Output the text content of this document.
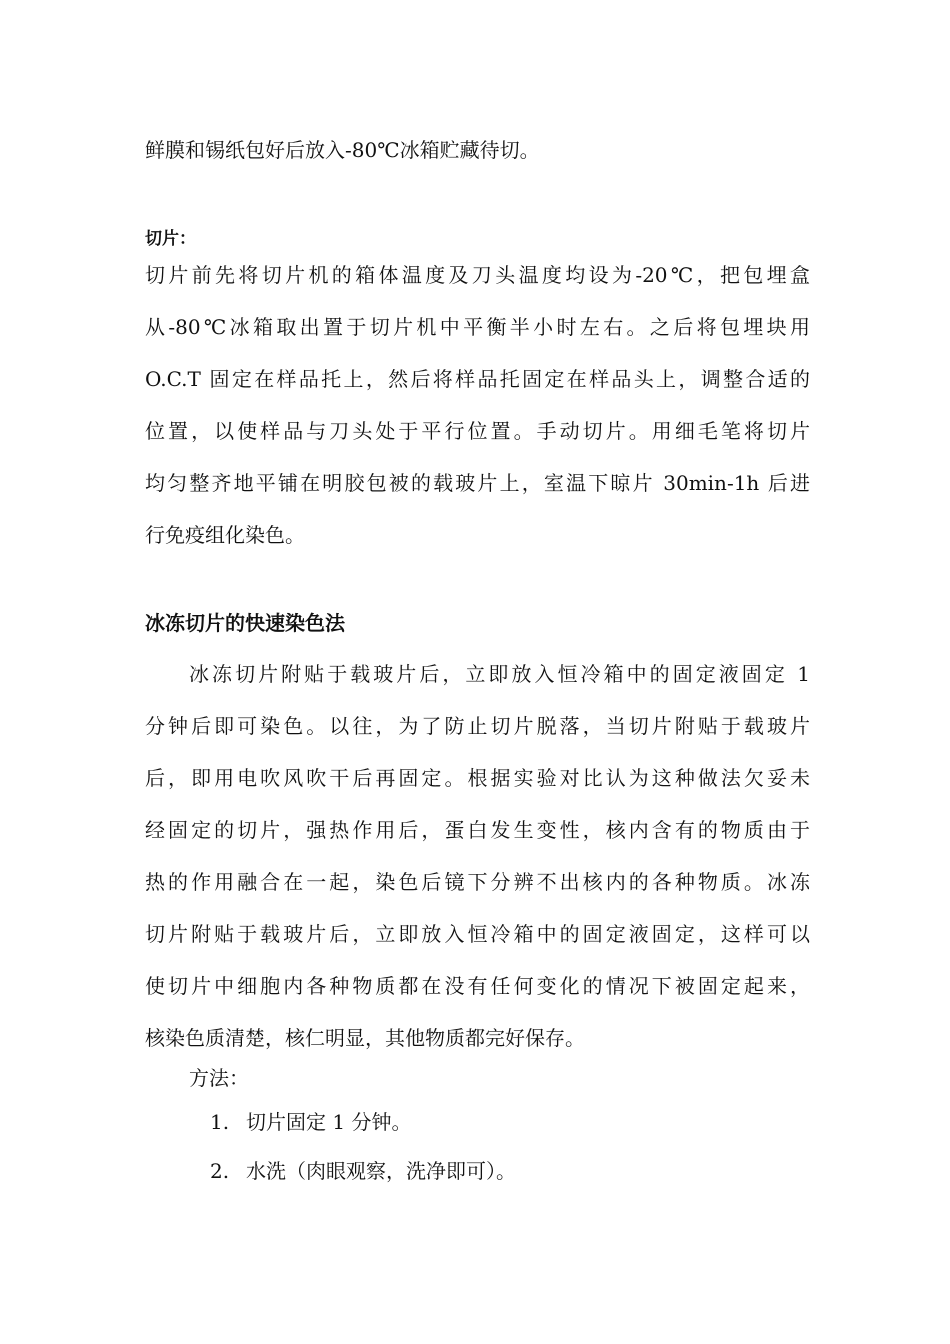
鲜膜和锡纸包好后放入-80℃冰箱贮藏待切。
切片：
切片前先将切片机的箱体温度及刀头温度均设为-20℃，把包埋盒
从-80℃冰箱取出置于切片机中平衡半小时左右。之后将包埋块用
O.C.T 固定在样品托上，然后将样品托固定在样品头上，调整合适的
位置，以使样品与刀头处于平行位置。手动切片。用细毛笔将切片
均匀整齐地平铺在明胶包被的载玻片上，室温下晾片 30min-1h 后进
行免疫组化染色。
冰冻切片的快速染色法
冰冻切片附贴于载玻片后，立即放入恒冷箱中的固定液固定 1
分钟后即可染色。以往，为了防止切片脱落，当切片附贴于载玻片
后，即用电吹风吹干后再固定。根据实验对比认为这种做法欠妥未
经固定的切片，强热作用后，蛋白发生变性，核内含有的物质由于
热的作用融合在一起，染色后镜下分辨不出核内的各种物质。冰冻
切片附贴于载玻片后，立即放入恒冷箱中的固定液固定，这样可以
使切片中细胞内各种物质都在没有任何变化的情况下被固定起来，
核染色质清楚，核仁明显，其他物质都完好保存。
方法：
1. 切片固定 1 分钟。
2. 水洗（肉眼观察，洗净即可）。
